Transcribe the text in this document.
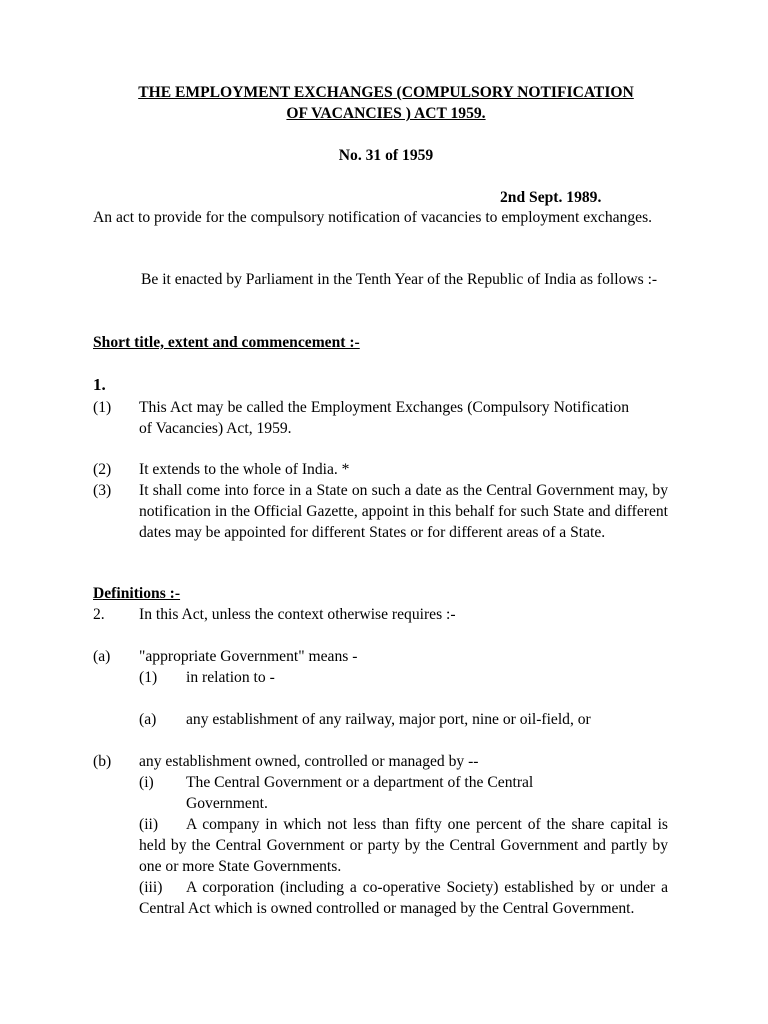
THE EMPLOYMENT EXCHANGES (COMPULSORY NOTIFICATION
OF VACANCIES ) ACT 1959.
No. 31 of 1959
2nd Sept. 1989.
An act to provide for the compulsory notification of vacancies to employment exchanges.
Be it enacted by Parliament in the Tenth Year of the Republic of India as follows :-
Short title, extent and commencement :-
1.
(1) This Act may be called the Employment Exchanges (Compulsory Notification of Vacancies) Act, 1959.
(2) It extends to the whole of India. *
(3) It shall come into force in a State on such a date as the Central Government may, by notification in the Official Gazette, appoint in this behalf for such State and different dates may be appointed for different States or for different areas of a State.
Definitions :-
2. In this Act, unless the context otherwise requires :-
(a) "appropriate Government" means -
(1) in relation to -
(a) any establishment of any railway, major port, nine or oil-field, or
(b) any establishment owned, controlled or managed by --
(i) The Central Government or a department of the Central
Government.
(ii) A company in which not less than fifty one percent of the share capital is held by the Central Government or party by the Central Government and partly by one or more State Governments.
(iii) A corporation (including a co-operative Society) established by or under a Central Act which is owned controlled or managed by the Central Government.
